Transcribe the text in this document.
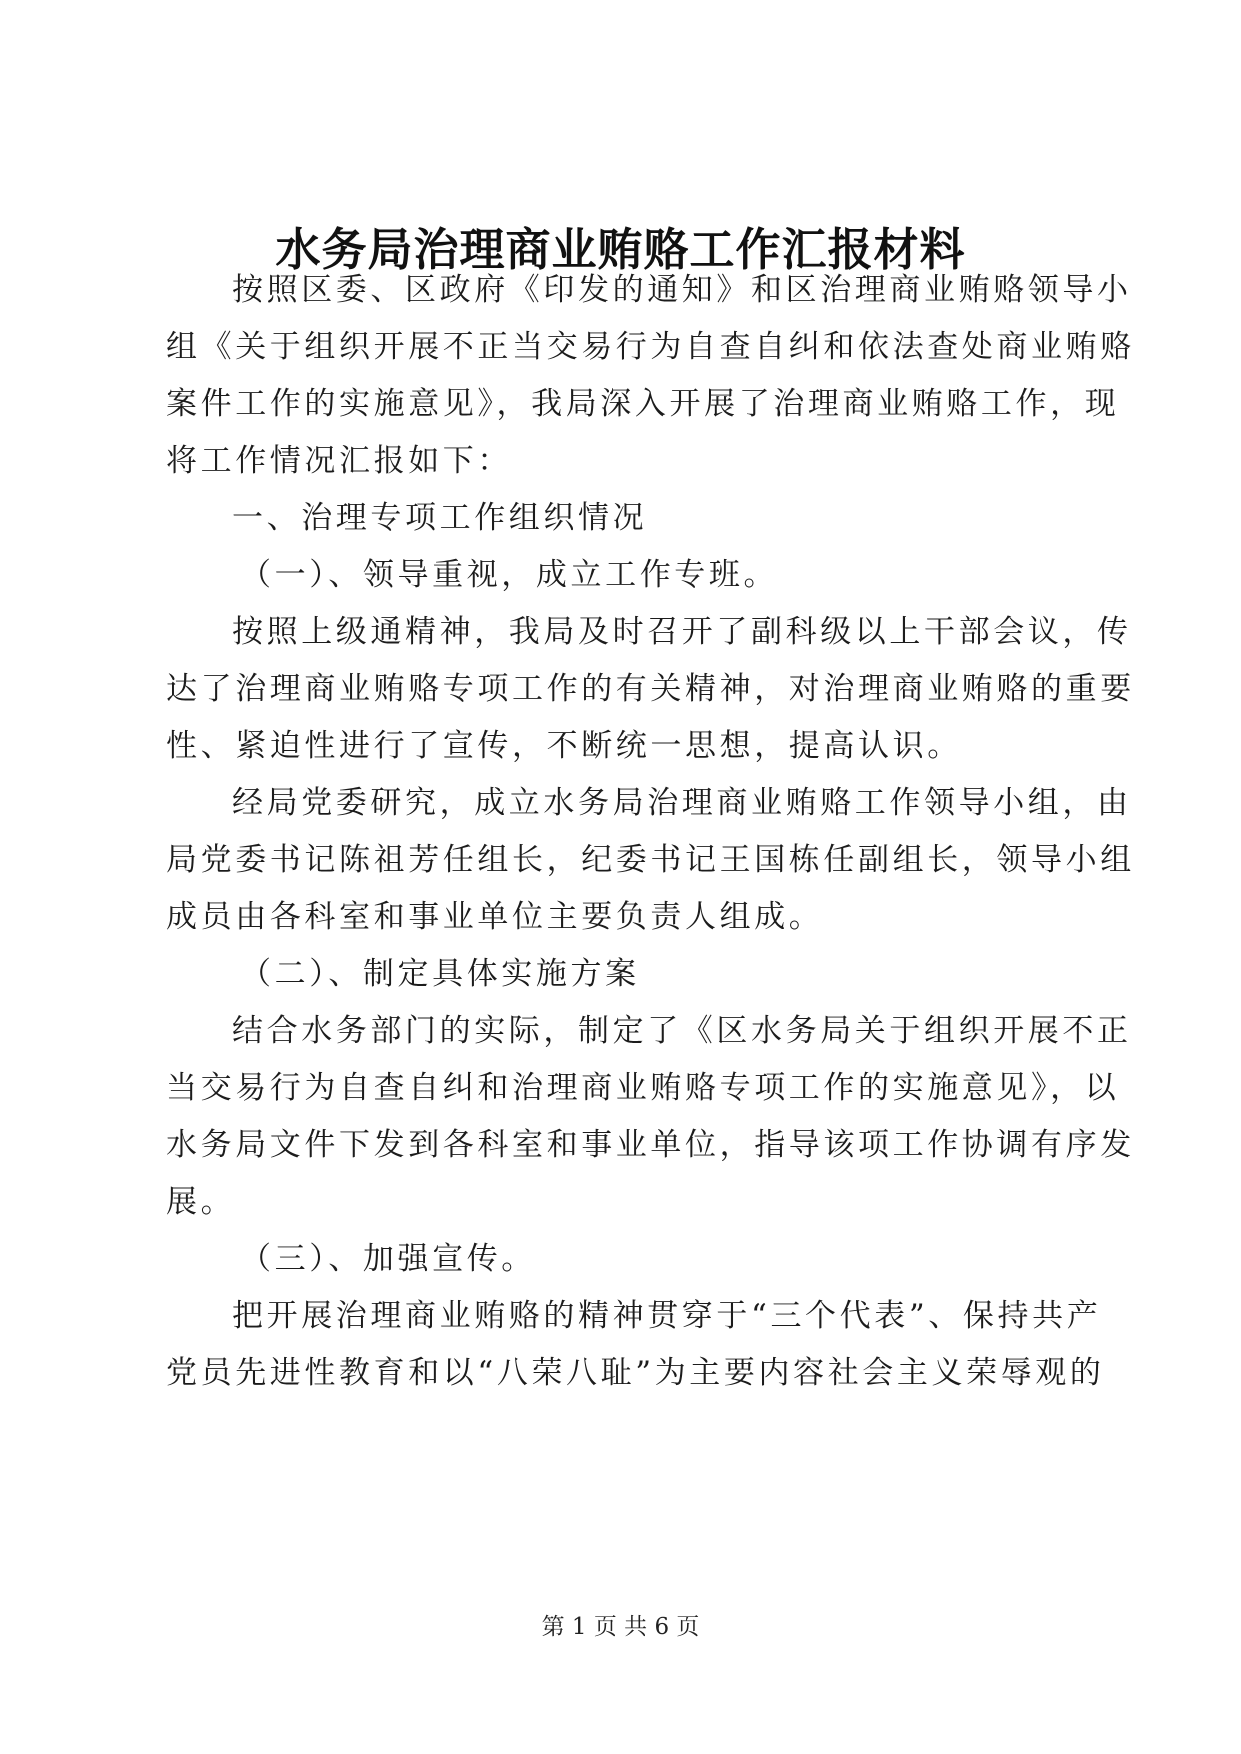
水务局治理商业贿赂工作汇报材料
按照区委、区政府《印发的通知》和区治理商业贿赂领导小
组《关于组织开展不正当交易行为自查自纠和依法查处商业贿赂
案件工作的实施意见》，我局深入开展了治理商业贿赂工作，现
将工作情况汇报如下：
一、治理专项工作组织情况
（一）、领导重视，成立工作专班。
按照上级通精神，我局及时召开了副科级以上干部会议，传
达了治理商业贿赂专项工作的有关精神，对治理商业贿赂的重要
性、紧迫性进行了宣传，不断统一思想，提高认识。
经局党委研究，成立水务局治理商业贿赂工作领导小组，由
局党委书记陈祖芳任组长，纪委书记王国栋任副组长，领导小组
成员由各科室和事业单位主要负责人组成。
（二）、制定具体实施方案
结合水务部门的实际，制定了《区水务局关于组织开展不正
当交易行为自查自纠和治理商业贿赂专项工作的实施意见》，以
水务局文件下发到各科室和事业单位，指导该项工作协调有序发
展。
（三）、加强宣传。
把开展治理商业贿赂的精神贯穿于“三个代表”、保持共产
党员先进性教育和以“八荣八耻”为主要内容社会主义荣辱观的
第 1 页 共 6 页
